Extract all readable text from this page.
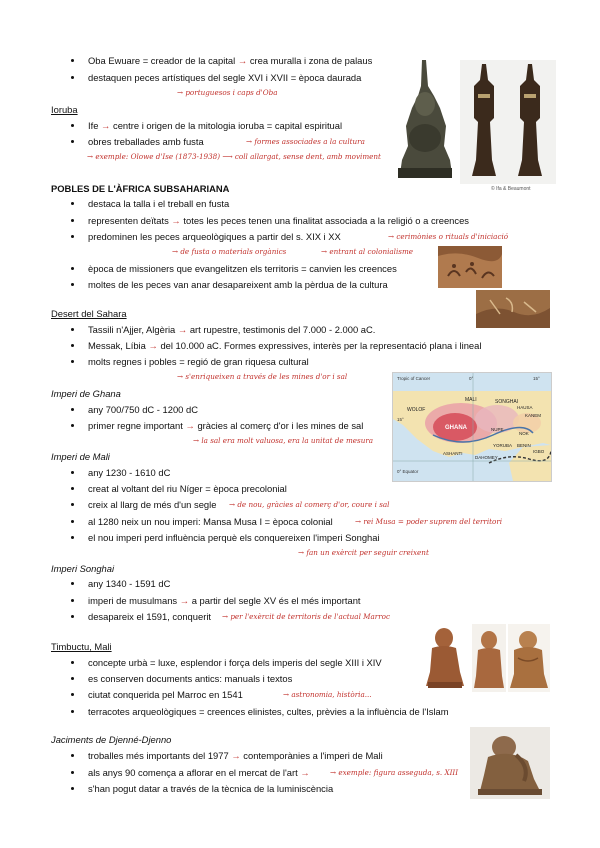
Oba Ewuare = creador de la capital → crea muralla i zona de palaus
destaquen peces artístiques del segle XVI i XVII = època daurada
→ portuguesos i caps d'Oba
Ioruba
Ife → centre i origen de la mitologia ioruba = capital espiritual
obres treballades amb fusta	→ formes associades a la cultura
→ exemple: Olowe d'Ise (1873-1938) ⟶ coll allargat, sense dent, amb moviment
© Ifa & Beaumont
POBLES DE L'ÀFRICA SUBSAHARIANA
destaca la talla i el treball en fusta
representen deïtats → totes les peces tenen una finalitat associada a la religió o a creences
predominen les peces arqueològiques a partir del s. XIX i XX	→ cerimònies o rituals d'iniciació
→ de fusta o materials orgànics	→ entrant al colonialisme
època de missioners que evangelitzen els territoris = canvien les creences
moltes de les peces van anar desapareixent amb la pèrdua de la cultura
Desert del Sahara
Tassili n'Ajjer, Algèria → art rupestre, testimonis del 7.000 - 2.000 aC.
Messak, Líbia → del 10.000 aC. Formes expressives, interès per la representació plana i lineal
molts regnes i pobles = regió de gran riquesa cultural
→ s'enriqueixen a través de les mines d'or i sal	Tropic of Cancer	0°	15°
15°
WOLOF
MALI	SONGHAI
HAUSA
GHANA
KANEM
NUPE
NOK
ASHANTI
YORUBA BENIN
IGBO
DAHOMEY
0° Equator
Imperi de Ghana
any 700/750 dC - 1200 dC
primer regne important → gràcies al comerç d'or i les mines de sal
→ la sal era molt valuosa, era la unitat de mesura
Imperi de Mali
any 1230 - 1610 dC
creat al voltant del riu Níger = època precolonial
creix al llarg de més d'un segle → de nou, gràcies al comerç d'or, coure i sal
al 1280 neix un nou imperi: Mansa Musa I = època colonial	→ rei Musa = poder suprem del territori
el nou imperi perd influència perquè els conquereixen l'imperi Songhai
→ fan un exèrcit per seguir creixent
Imperi Songhai
any 1340 - 1591 dC
imperi de musulmans → a partir del segle XV és el més important
desapareix el 1591, conquerit → per l'exèrcit de territoris de l'actual Marroc
Timbuctu, Mali
concepte urbà = luxe, esplendor i força dels imperis del segle XIII i XIV
es conserven documents antics: manuals i textos
ciutat conquerida pel Marroc en 1541	→ astronomia, història...
terracotes arqueològiques = creences elinistes, cultes, prèvies a la influència de l'Islam
Jaciments de Djenné-Djenno
troballes més importants del 1977 → contemporànies a l'imperi de Mali
als anys 90 comença a aflorar en el mercat de l'art →	→ exemple: figura asseguda, s. XIII
s'han pogut datar a través de la tècnica de la luminiscència
